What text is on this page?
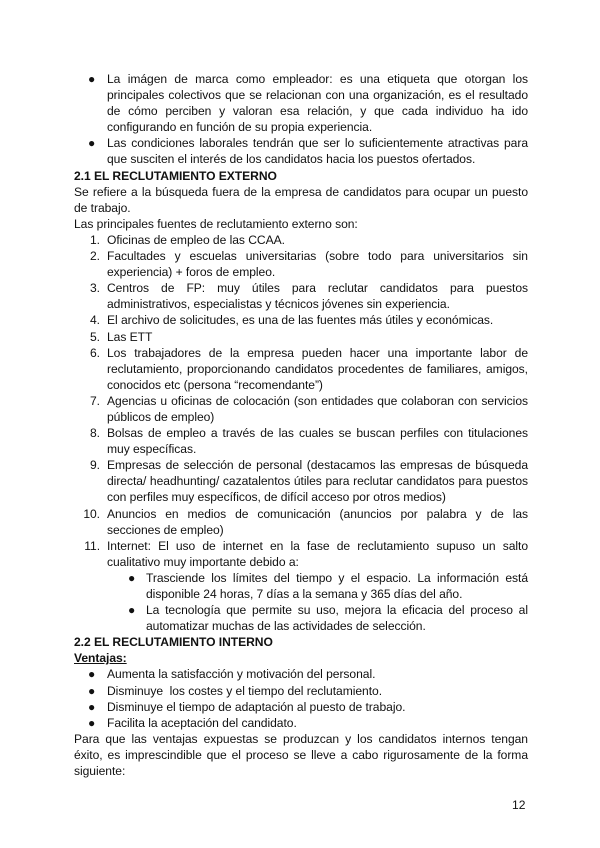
● La imágen de marca como empleador: es una etiqueta que otorgan los principales colectivos que se relacionan con una organización, es el resultado de cómo perciben y valoran esa relación, y que cada individuo ha ido configurando en función de su propia experiencia.
● Las condiciones laborales tendrán que ser lo suficientemente atractivas para que susciten el interés de los candidatos hacia los puestos ofertados.
2.1 EL RECLUTAMIENTO EXTERNO

Se refiere a la búsqueda fuera de la empresa de candidatos para ocupar un puesto de trabajo.

Las principales fuentes de reclutamiento externo son:

1. Oficinas de empleo de las CCAA.
2. Facultades y escuelas universitarias (sobre todo para universitarios sin experiencia) + foros de empleo.
3. Centros de FP: muy útiles para reclutar candidatos para puestos administrativos, especialistas y técnicos jóvenes sin experiencia.
4. El archivo de solicitudes, es una de las fuentes más útiles y económicas.
5. Las ETT
6. Los trabajadores de la empresa pueden hacer una importante labor de reclutamiento, proporcionando candidatos procedentes de familiares, amigos, conocidos etc (persona “recomendante”)
7. Agencias u oficinas de colocación (son entidades que colaboran con servicios públicos de empleo)
8. Bolsas de empleo a través de las cuales se buscan perfiles con titulaciones muy específicas.
9. Empresas de selección de personal (destacamos las empresas de búsqueda directa/ headhunting/ cazatalentos útiles para reclutar candidatos para puestos con perfiles muy específicos, de difícil acceso por otros medios)
10. Anuncios en medios de comunicación (anuncios por palabra y de las secciones de empleo)
11. Internet: El uso de internet en la fase de reclutamiento supuso un salto cualitativo muy importante debido a:
● Trasciende los límites del tiempo y el espacio. La información está disponible 24 horas, 7 días a la semana y 365 días del año.
● La tecnología que permite su uso, mejora la eficacia del proceso al automatizar muchas de las actividades de selección.
2.2 EL RECLUTAMIENTO INTERNO

Ventajas:

● Aumenta la satisfacción y motivación del personal.
● Disminuye  los costes y el tiempo del reclutamiento.
● Disminuye el tiempo de adaptación al puesto de trabajo.
● Facilita la aceptación del candidato.

Para que las ventajas expuestas se produzcan y los candidatos internos tengan éxito, es imprescindible que el proceso se lleve a cabo rigurosamente de la forma siguiente:

12
